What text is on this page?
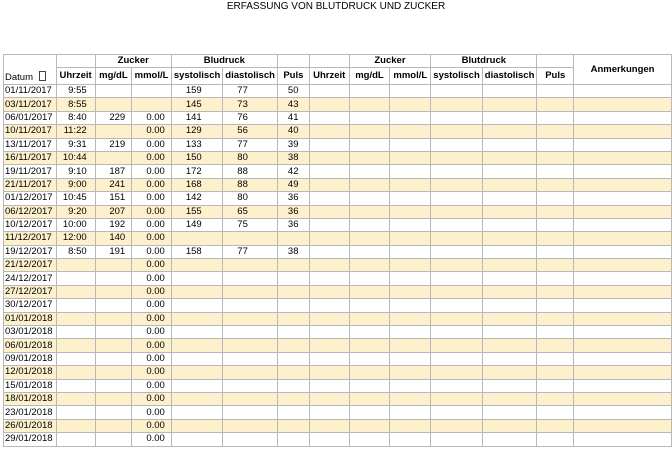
ERFASSUNG VON BLUTDRUCK UND ZUCKER
Datum		Zucker		Bludruck				Zucker		Blutdruck			Anmerkungen
	Uhrzeit	mg/dL	mmol/L	systolisch	diastolisch	Puls	Uhrzeit	mg/dL	mmol/L	systolisch	diastolisch	Puls	
01/11/2017	9:55			159	77	50							
03/11/2017	8:55			145	73	43							
06/01/2017	8:40	229	0.00	141	76	41							
10/11/2017	11:22		0.00	129	56	40							
13/11/2017	9:31	219	0.00	133	77	39							
16/11/2017	10:44		0.00	150	80	38							
19/11/2017	9:10	187	0.00	172	88	42							
21/11/2017	9:00	241	0.00	168	88	49							
01/12/2017	10:45	151	0.00	142	80	36							
06/12/2017	9:20	207	0.00	155	65	36							
10/12/2017	10:00	192	0.00	149	75	36							
11/12/2017	12:00	140	0.00										
19/12/2017	8:50	191	0.00	158	77	38							
21/12/2017			0.00										
24/12/2017			0.00										
27/12/2017			0.00										
30/12/2017			0.00										
01/01/2018			0.00										
03/01/2018			0.00										
06/01/2018			0.00										
09/01/2018			0.00										
12/01/2018			0.00										
15/01/2018			0.00										
18/01/2018			0.00										
23/01/2018			0.00										
26/01/2018			0.00										
29/01/2018			0.00										
